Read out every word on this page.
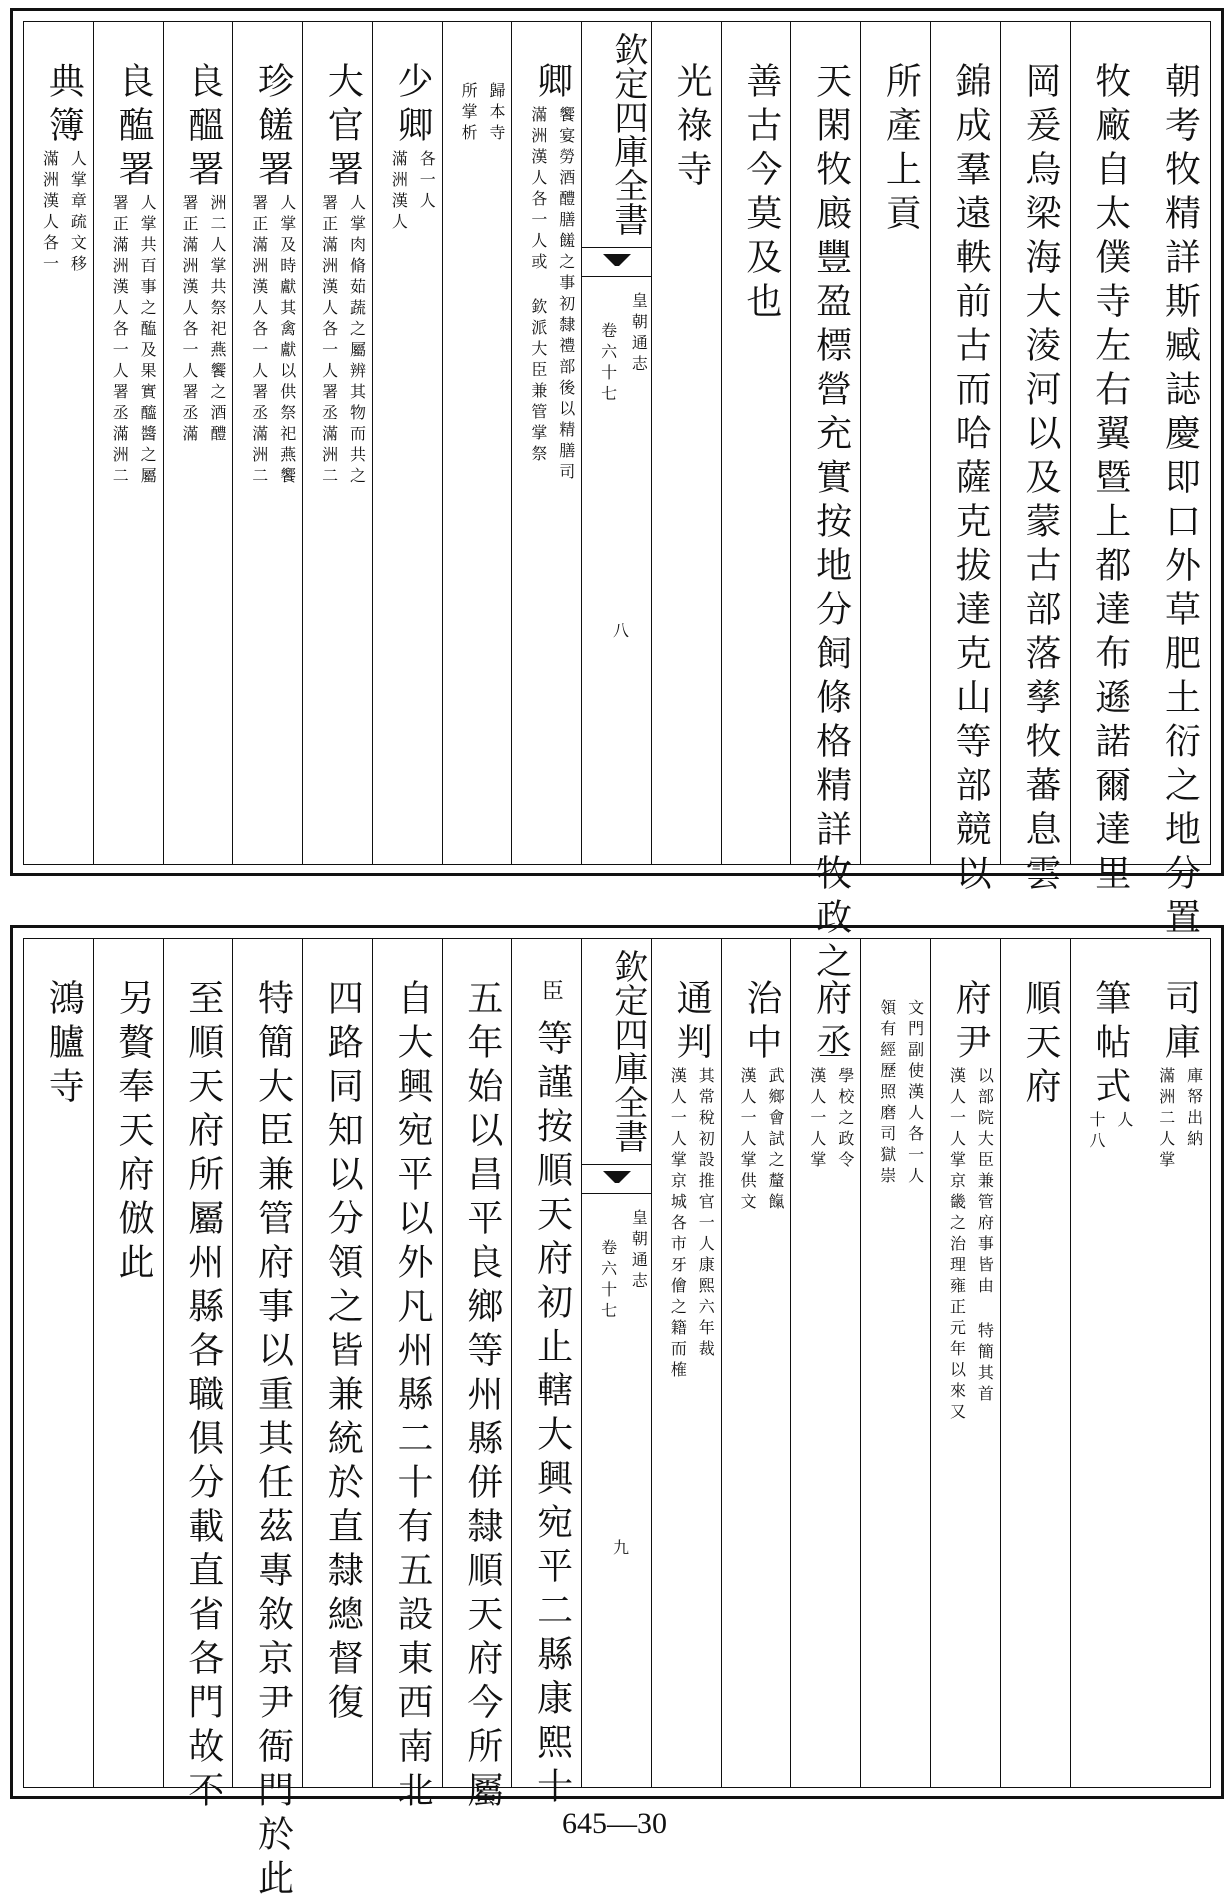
朝考牧精詳斯臧誌慶即口外草肥土衍之地分置
牧廠自太僕寺左右翼暨上都達布遜諾爾達里
岡爰烏梁海大淩河以及蒙古部落孳牧蕃息雲
錦成羣遠軼前古而哈薩克拔達克山等部競以
所產上貢
天閑牧廄豐盈標營充實按地分飼條格精詳牧政之
善古今莫及也
光祿寺
欽定四庫全書
皇朝通志
卷六十七
八
卿
滿洲漢人各一人或 欽派大臣兼管掌祭 饗宴勞酒醴膳饈之事初隸禮部後以精膳司
所掌析 歸本寺
少卿
滿洲漢人 各一人
大官署
署正滿洲漢人各一人署丞滿洲二 人掌肉脩茹蔬之屬辨其物而共之
珍饈署
署正滿洲漢人各一人署丞滿洲二 人掌及時獻其禽獻以供祭祀燕饗
良醞署
署正滿洲漢人各一人署丞滿 洲二人掌共祭祀燕饗之酒醴
良醢署
署正滿洲漢人各一人署丞滿洲二 人掌共百事之醢及果實醯醬之屬
典簿
滿洲漢人各一 人掌章疏文移
司庫
滿洲二人掌 庫帑出納
筆帖式
十八 人
順天府
府尹
漢人一人掌京畿之治理雍正元年以來又 以部院大臣兼管府事皆由 特簡其首
領有經歷照磨司獄崇 文門副使漢人各一人
府丞
漢人一人掌 學校之政令
治中
漢人一人掌供文 武鄉會試之釐餼
通判
漢人一人掌京城各市牙儈之籍而榷 其常稅初設推官一人康熙六年裁
欽定四庫全書
皇朝通志
卷六十七
九
等謹按順天府初止轄大興宛平二縣康熙十
臣
五年始以昌平良鄉等州縣併隸順天府今所屬
自大興宛平以外凡州縣二十有五設東西南北
四路同知以分領之皆兼統於直隸總督復
特簡大臣兼管府事以重其任茲專敘京尹衙門於此
至順天府所屬州縣各職俱分載直省各門故不
另贅奉天府倣此
鴻臚寺
645—30
